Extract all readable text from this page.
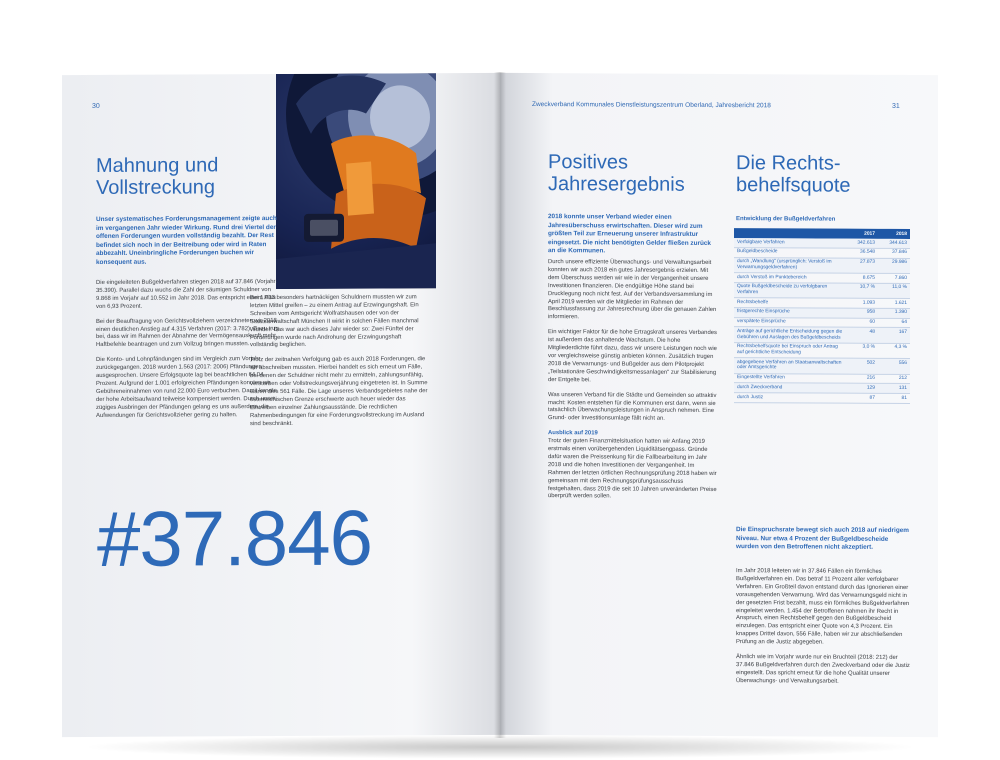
30
Mahnung und
Vollstreckung
Unser systematisches Forderungsmanagement zeigte auch im vergangenen Jahr wieder Wirkung. Rund drei Viertel der offenen Forderungen wurden vollständig bezahlt. Der Rest befindet sich noch in der Beitreibung oder wird in Raten abbezahlt. Uneinbringliche Forderungen buchen wir konsequent aus.

Die eingeleiteten Bußgeldverfahren stiegen 2018 auf 37.846 (Vorjahr: 35.390). Parallel dazu wuchs die Zahl der säumigen Schuldner von 9.868 im Vorjahr auf 10.552 im Jahr 2018. Das entspricht einem Plus von 6,93 Prozent.

Bei der Beauftragung von Gerichtsvollziehern verzeichneten wir 2018 einen deutlichen Anstieg auf 4.315 Verfahren (2017: 3.782). Dazu trug bei, dass wir im Rahmen der Abnahme der Vermögensauskunft mehr Haftbefehle beantragen und zum Vollzug bringen mussten.

Die Konto- und Lohnpfändungen sind im Vergleich zum Vorjahr zurückgegangen. 2018 wurden 1.563 (2017: 2006) Pfändungen ausgesprochen. Unsere Erfolgsquote lag bei beachtlichen 64,04 Prozent. Aufgrund der 1.001 erfolgreichen Pfändungen konnten wir Gebühreneinnahmen von rund 22.000 Euro verbuchen. Damit konnte der hohe Arbeitsaufwand teilweise kompensiert werden. Durch unser zügiges Ausbringen der Pfändungen gelang es uns außerdem, die Aufwendungen für Gerichtsvollzieher gering zu halten.

Bei 1.633 besonders hartnäckigen Schuldnern mussten wir zum letzten Mittel greifen – zu einem Antrag auf Erzwingungshaft. Ein Schreiben vom Amtsgericht Wolfratshausen oder von der Staatsanwaltschaft München II wirkt in solchen Fällen manchmal Wunder. Das war auch dieses Jahr wieder so: Zwei Fünftel der Forderungen wurde nach Androhung der Erzwingungshaft vollständig beglichen.

Trotz der zeitnahen Verfolgung gab es auch 2018 Forderungen, die wir abschreiben mussten. Hierbei handelt es sich erneut um Fälle, bei denen der Schuldner nicht mehr zu ermitteln, zahlungsunfähig, verstorben oder Vollstreckungsverjährung eingetreten ist. In Summe waren dies 561 Fälle. Die Lage unseres Verbandsgebietes nahe der österreichischen Grenze erschwerte auch heuer wieder das Eintreiben einzelner Zahlungsausstände. Die rechtlichen Rahmenbedingungen für eine Forderungsvollstreckung im Ausland sind beschränkt.

#37.846
Zweckverband Kommunales Dienstleistungszentrum Oberland, Jahresbericht 2018	31
Positives
Jahresergebnis
2018 konnte unser Verband wieder einen Jahresüberschuss erwirtschaften. Dieser wird zum größten Teil zur Erneuerung unserer Infrastruktur eingesetzt. Die nicht benötigten Gelder fließen zurück an die Kommunen.

Durch unsere effiziente Überwachungs- und Verwaltungsarbeit konnten wir auch 2018 ein gutes Jahresergebnis erzielen. Mit dem Überschuss werden wir wie in der Vergangenheit unsere Investitionen finanzieren. Die endgültige Höhe stand bei Drucklegung noch nicht fest. Auf der Verbandsversammlung im April 2019 werden wir die Mitglieder im Rahmen der Beschlussfassung zur Jahresrechnung über die genauen Zahlen informieren.

Ein wichtiger Faktor für die hohe Ertragskraft unseres Verbandes ist außerdem das anhaltende Wachstum. Die hohe Mitgliederdichte führt dazu, dass wir unsere Leistungen noch wie vor vergleichsweise günstig anbieten können. Zusätzlich trugen 2018 die Verwarnungs- und Bußgelder aus dem Pilotprojekt „Teilstationäre Geschwindigkeitsmessanlagen" zur Stabilisierung der Entgelte bei.

Was unseren Verband für die Städte und Gemeinden so attraktiv macht: Kosten entstehen für die Kommunen erst dann, wenn sie tatsächlich Überwachungsleistungen in Anspruch nehmen. Eine Grund- oder Investitionsumlage fällt nicht an.

Ausblick auf 2019

Trotz der guten Finanzmittelsituation hatten wir Anfang 2019 erstmals einen vorübergehenden Liquiditätsengpass. Gründe dafür waren die Preissenkung für die Fallbearbeitung im Jahr 2018 und die hohen Investitionen der Vergangenheit. Im Rahmen der letzten örtlichen Rechnungsprüfung 2018 haben wir gemeinsam mit dem Rechnungsprüfungsausschuss festgehalten, dass 2019 die seit 10 Jahren unveränderten Preise überprüft werden sollen.

Die Rechts-
behelfsquote
Entwicklung der Bußgeldverfahren
	2017	2018
Verfolgbare Verfahren	342.613	344.613
Bußgeldbescheide	36.548	37.846
durch „Wandlung" (ursprünglich: Verstoß im Verwarnungsgeldverfahren)	27.873	29.986
durch Verstoß im Punktebereich	8.675	7.860
Quote Bußgeldbescheide zu verfolgbaren Verfahren	10,7 %	11,0 %
Rechtsbehelfe	1.093	1.621
fristgerechte Einsprüche	958	1.390
verspätete Einsprüche	60	64
Anträge auf gerichtliche Entscheidung gegen die Gebühren und Auslagen des Bußgeldbescheids	48	167
Rechtsbehelfsquote bei Einspruch oder Antrag auf gerichtliche Entscheidung	3,0 %	4,3 %
abgegebene Verfahren an Staatsanwaltschaften oder Amtsgerichte	502	556
Eingestellte Verfahren	216	212
durch Zweckverband	129	131
durch Justiz	87	81
Die Einspruchsrate bewegt sich auch 2018 auf niedrigem Niveau. Nur etwa 4 Prozent der Bußgeldbescheide wurden von den Betroffenen nicht akzeptiert.

Im Jahr 2018 leiteten wir in 37.846 Fällen ein förmliches Bußgeldverfahren ein. Das betraf 11 Prozent aller verfolgbarer Verfahren. Ein Großteil davon entstand durch das Ignorieren einer vorausgehenden Verwarnung. Wird das Verwarnungsgeld nicht in der gesetzten Frist bezahlt, muss ein förmliches Bußgeldverfahren eingeleitet werden. 1.454 der Betroffenen nahmen ihr Recht in Anspruch, einen Rechtsbehelf gegen den Bußgeldbescheid einzulegen. Das entspricht einer Quote von 4,3 Prozent. Ein knappes Drittel davon, 556 Fälle, haben wir zur abschließenden Prüfung an die Justiz abgegeben.

Ähnlich wie im Vorjahr wurde nur ein Bruchteil (2018: 212) der 37.846 Bußgeldverfahren durch den Zweckverband oder die Justiz eingestellt. Das spricht erneut für die hohe Qualität unserer Überwachungs- und Verwaltungsarbeit.
